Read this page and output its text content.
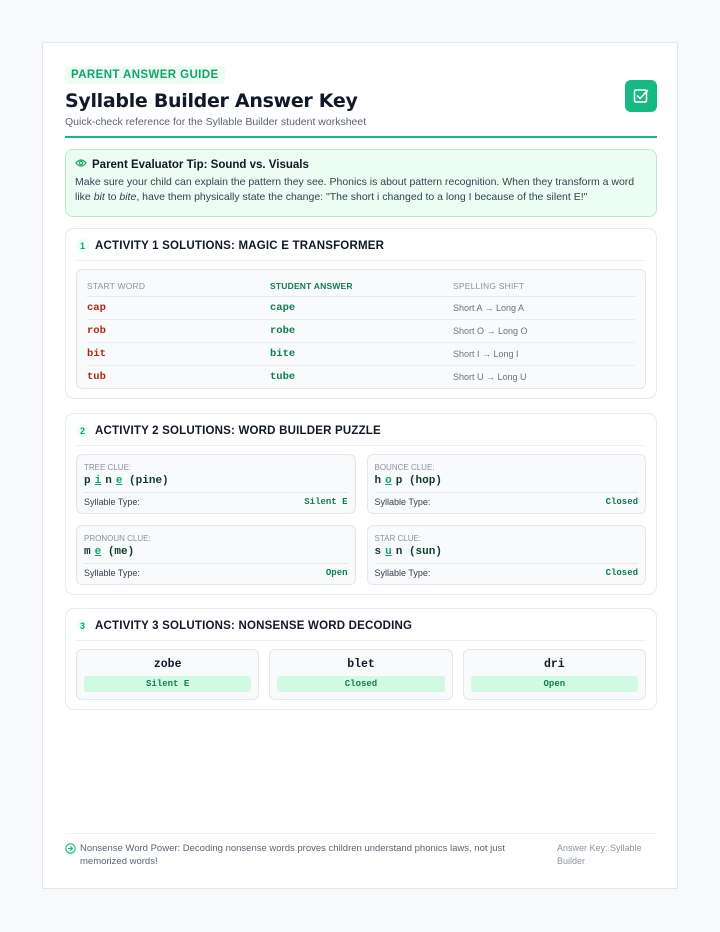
PARENT ANSWER GUIDE
Syllable Builder Answer Key
Quick-check reference for the Syllable Builder student worksheet
Parent Evaluator Tip: Sound vs. Visuals
Make sure your child can explain the pattern they see. Phonics is about pattern recognition. When they transform a word like bit to bite, have them physically state the change: "The short i changed to a long I because of the silent E!"
1 ACTIVITY 1 SOLUTIONS: MAGIC E TRANSFORMER
START WORD	STUDENT ANSWER	SPELLING SHIFT
cap	cape	Short A → Long A
rob	robe	Short O → Long O
bit	bite	Short I → Long I
tub	tube	Short U → Long U
2 ACTIVITY 2 SOLUTIONS: WORD BUILDER PUZZLE
TREE CLUE:
p i n e (pine)
Syllable Type:	Silent E
BOUNCE CLUE:
h o p (hop)
Syllable Type:	Closed
PRONOUN CLUE:
m e (me)
Syllable Type:	Open
STAR CLUE:
s u n (sun)
Syllable Type:	Closed
3 ACTIVITY 3 SOLUTIONS: NONSENSE WORD DECODING
zobe
Silent E
blet
Closed
dri
Open
Nonsense Word Power: Decoding nonsense words proves children understand phonics laws, not just memorized words!
Answer Key: Syllable Builder
